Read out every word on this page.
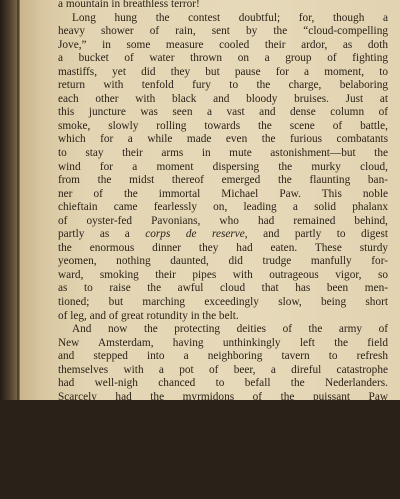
a mountain in breathless terror!
Long hung the contest doubtful; for, though a
heavy shower of rain, sent by the “cloud-compelling
Jove,” in some measure cooled their ardor, as doth
a bucket of water thrown on a group of fighting
mastiffs, yet did they but pause for a moment, to
return with tenfold fury to the charge, belaboring
each other with black and bloody bruises. Just at
this juncture was seen a vast and dense column of
smoke, slowly rolling towards the scene of battle,
which for a while made even the furious combatants
to stay their arms in mute astonishment—but the
wind for a moment dispersing the murky cloud,
from the midst thereof emerged the flaunting ban-
ner of the immortal Michael Paw. This noble
chieftain came fearlessly on, leading a solid phalanx
of oyster-fed Pavonians, who had remained behind,
partly as a corps de reserve, and partly to digest
the enormous dinner they had eaten. These sturdy
yeomen, nothing daunted, did trudge manfully for-
ward, smoking their pipes with outrageous vigor, so
as to raise the awful cloud that has been men-
tioned; but marching exceedingly slow, being short
of leg, and of great rotundity in the belt.
And now the protecting deities of the army of
New Amsterdam, having unthinkingly left the field
and stepped into a neighboring tavern to refresh
themselves with a pot of beer, a direful catastrophe
had well-nigh chanced to befall the Nederlanders.
Scarcely had the myrmidons of the puissant Paw
attained the front of battle, before the Swedes,
instructed by the cunning Risingh, levelled a shower
of blows full at their tobacco-pipes. Astounded at
this unexpected assault, and totally discomfited at
seeing their pipes broken, the valiant Dutchmen fell
in vast confusion—already they begin to fly—like a
frightened drove of unwieldy elephants they throw
